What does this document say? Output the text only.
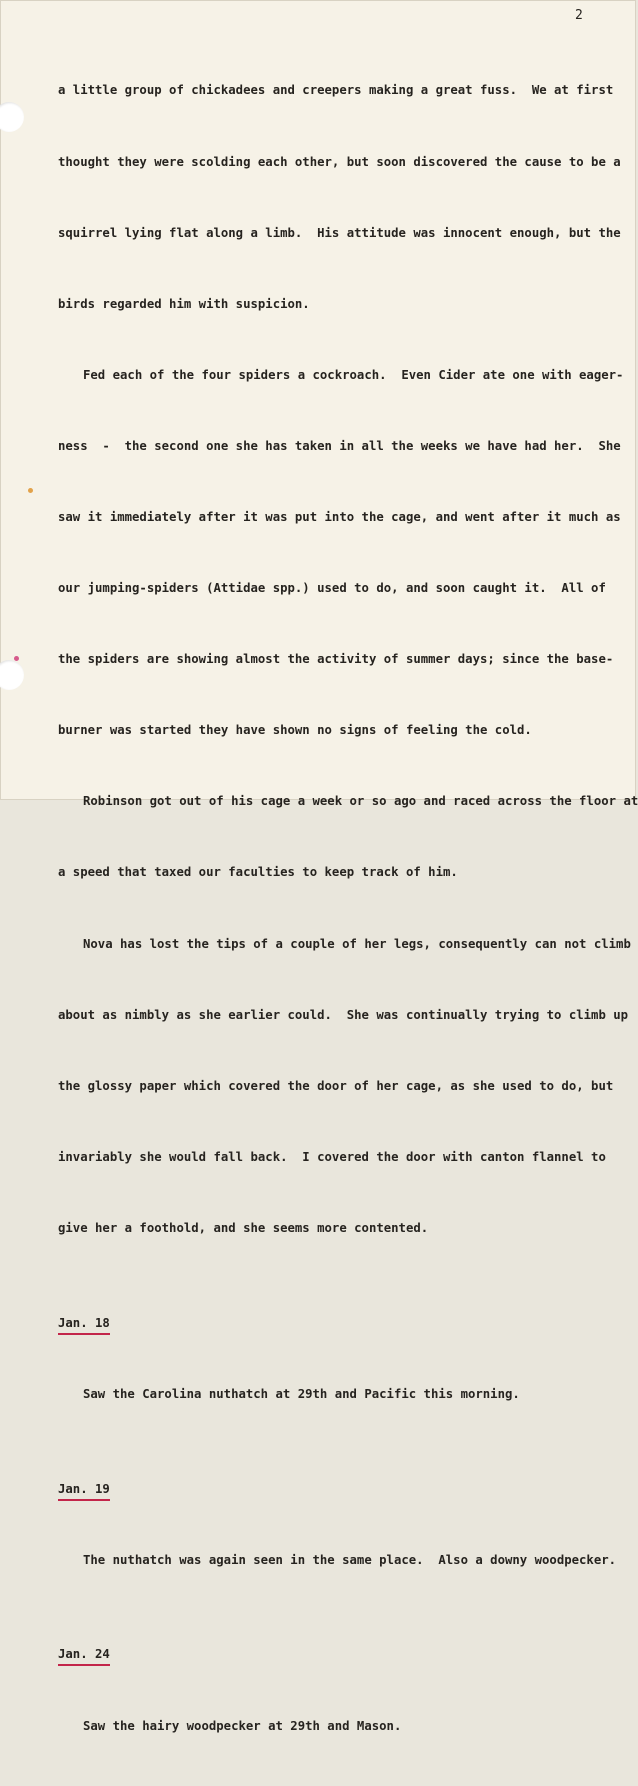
2

a little group of chickadees and creepers making a great fuss.  We at first

thought they were scolding each other, but soon discovered the cause to be a

squirrel lying flat along a limb.  His attitude was innocent enough, but the

birds regarded him with suspicion.

Fed each of the four spiders a cockroach.  Even Cider ate one with eager-

ness  -  the second one she has taken in all the weeks we have had her.  She

saw it immediately after it was put into the cage, and went after it much as

our jumping-spiders (Attidae spp.) used to do, and soon caught it.  All of

the spiders are showing almost the activity of summer days; since the base-

burner was started they have shown no signs of feeling the cold.

Robinson got out of his cage a week or so ago and raced across the floor at

a speed that taxed our faculties to keep track of him.

Nova has lost the tips of a couple of her legs, consequently can not climb

about as nimbly as she earlier could.  She was continually trying to climb up

the glossy paper which covered the door of her cage, as she used to do, but

invariably she would fall back.  I covered the door with canton flannel to

give her a foothold, and she seems more contented.

Jan. 18

Saw the Carolina nuthatch at 29th and Pacific this morning.

Jan. 19

The nuthatch was again seen in the same place.  Also a downy woodpecker.

Jan. 24

Saw the hairy woodpecker at 29th and Mason.
